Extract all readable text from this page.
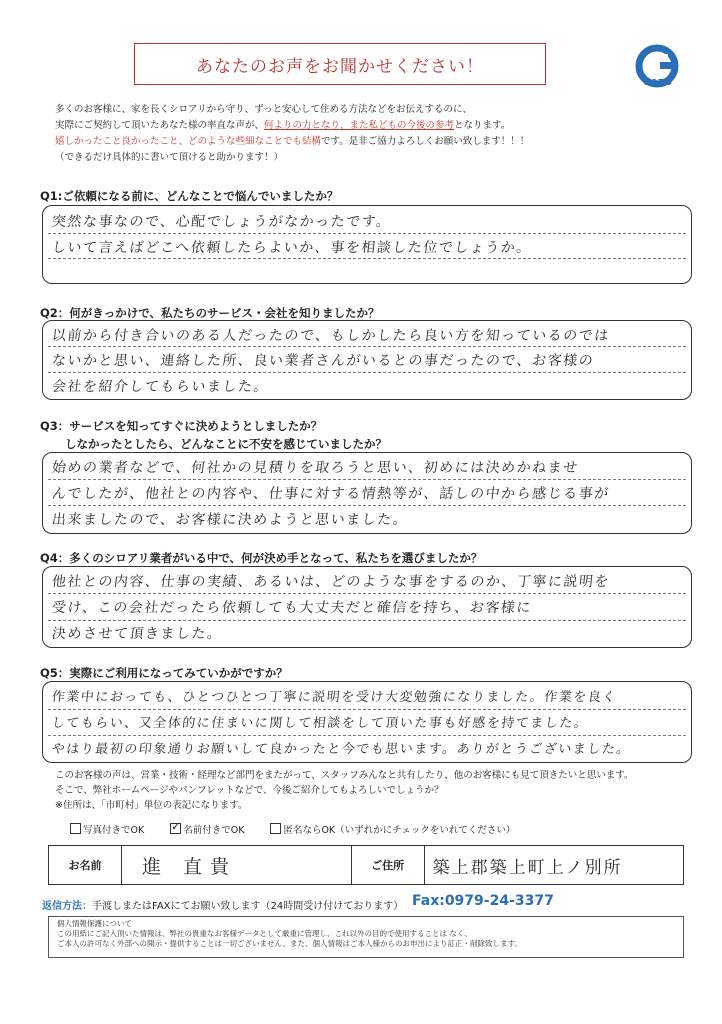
あなたのお声をお聞かせください！
GOTO
多くのお客様に、家を長くシロアリから守り、ずっと安心して住める方法などをお伝えするのに、
実際にご契約して頂いたあなた様の率直な声が、何よりの力となり、また私どもの今後の参考となります。
嬉しかったこと良かったこと、どのような些細なことでも結構です。是非ご協力よろしくお願い致します！！！
（できるだけ具体的に書いて頂けると助かります！）
Q1:ご依頼になる前に、どんなことで悩んでいましたか？
突然な事なので、心配でしょうがなかったです。
しいて言えばどこへ依頼したらよいか、事を相談した位でしょうか。
Q2：何がきっかけで、私たちのサービス・会社を知りましたか？
以前から付き合いのある人だったので、もしかしたら良い方を知っているのでは
ないかと思い、連絡した所、良い業者さんがいるとの事だったので、お客様の
会社を紹介してもらいました。
Q3：サービスを知ってすぐに決めようとしましたか？
しなかったとしたら、どんなことに不安を感じていましたか？
始めの業者などで、何社かの見積りを取ろうと思い、初めには決めかねませ
んでしたが、他社との内容や、仕事に対する情熱等が、話しの中から感じる事が
出来ましたので、お客様に決めようと思いました。
Q4：多くのシロアリ業者がいる中で、何が決め手となって、私たちを選びましたか？
他社との内容、仕事の実績、あるいは、どのような事をするのか、丁寧に説明を
受け、この会社だったら依頼しても大丈夫だと確信を持ち、お客様に
決めさせて頂きました。
Q5：実際にご利用になってみていかがですか？
作業中におっても、ひとつひとつ丁寧に説明を受け大変勉強になりました。作業を良く
してもらい、又全体的に住まいに関して相談をして頂いた事も好感を持てました。
やはり最初の印象通りお願いして良かったと今でも思います。ありがとうございました。
このお客様の声は、営業・技術・経理など部門をまたがって、スタッフみんなと共有したり、他のお客様にも見て頂きたいと思います。
そこで、弊社ホームページやパンフレットなどで、今後ご紹介してもよろしいでしょうか？
※住所は、「市町村」単位の表記になります。
写真付きでOK
✓	名前付きでOK	匿名ならOK（いずれかにチェックをいれてください）
お名前	進 直貴	ご住所	築上郡築上町上ノ別所
返信方法：手渡しまたはFAXにてお願い致します（24時間受け付けております） Fax:0979-24-3377
個人情報保護について
この用紙にご記入頂いた情報は、弊社の貴重なお客様データとして厳重に管理し、これ以外の目的で使用することは なく、
ご本人の許可なく外部への開示・提供することは一切ございません。また、個人情報はご本人様からのお申出により訂正・削除致します。
